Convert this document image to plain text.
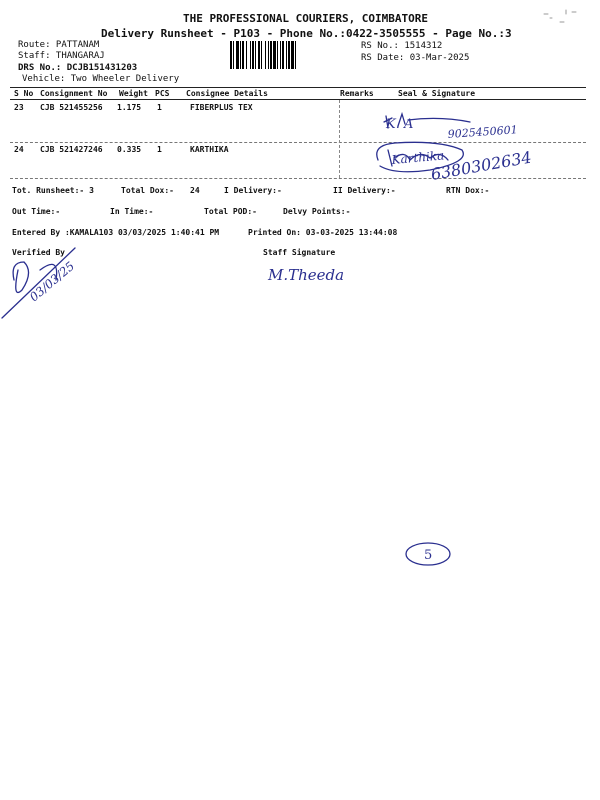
THE PROFESSIONAL COURIERS, COIMBATORE
Delivery Runsheet - P103 - Phone No.:0422-3505555 - Page No.:3
Route: PATTANAM
Staff: THANGARAJ
DRS No.: DCJB151431203
Vehicle: Two Wheeler Delivery
RS No.: 1514312
RS Date: 03-Mar-2025
S No Consignment No Weight PCS Consignee Details	Remarks	Seal & Signature
23 CJB 521455256 1.175 1	FIBERPLUS TEX
24 CJB 521427246 0.335 1	KARTHIKA
Tot. Runsheet:- 3	Total Dox:- 24	I Delivery:-	II Delivery:-	RTN Dox:-
Out Time:-	In Time:-	Total POD:-	Delvy Points:-
Entered By :KAMALA103 03/03/2025 1:40:41 PM	Printed On: 03-03-2025 13:44:08
Verified By	Staff Signature
K. A	9025450601
Karthika
6380302634
03/03/25	M.Theeda
5
